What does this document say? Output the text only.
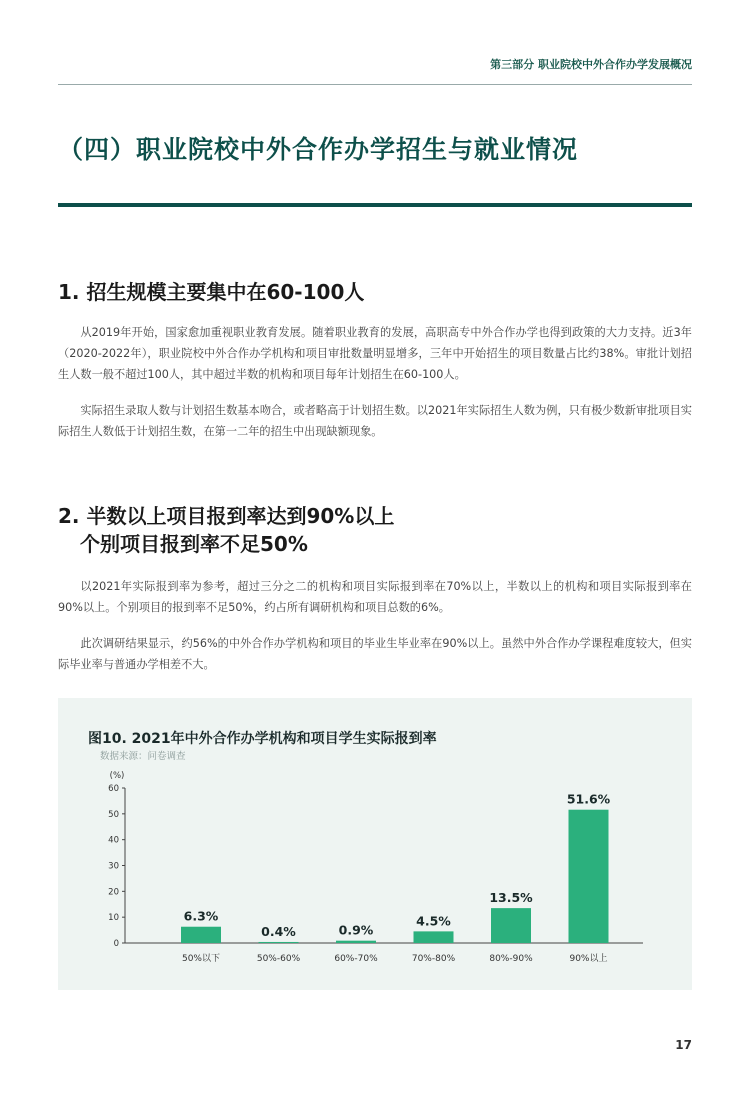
第三部分 职业院校中外合作办学发展概况
（四）职业院校中外合作办学招生与就业情况
1. 招生规模主要集中在60-100人

从2019年开始，国家愈加重视职业教育发展。随着职业教育的发展，高职高专中外合作办学也得到政策的大力支持。近3年（2020-2022年），职业院校中外合作办学机构和项目审批数量明显增多，三年中开始招生的项目数量占比约38%。审批计划招生人数一般不超过100人，其中超过半数的机构和项目每年计划招生在60-100人。

实际招生录取人数与计划招生数基本吻合，或者略高于计划招生数。以2021年实际招生人数为例，只有极少数新审批项目实际招生人数低于计划招生数，在第一二年的招生中出现缺额现象。

2. 半数以上项目报到率达到90%以上
个别项目报到率不足50%

以2021年实际报到率为参考，超过三分之二的机构和项目实际报到率在70%以上，半数以上的机构和项目实际报到率在90%以上。个别项目的报到率不足50%，约占所有调研机构和项目总数的6%。

此次调研结果显示，约56%的中外合作办学机构和项目的毕业生毕业率在90%以上。虽然中外合作办学课程难度较大，但实际毕业率与普通办学相差不大。

图10. 2021年中外合作办学机构和项目学生实际报到率
数据来源：问卷调查
(%)
0
10
20
30
40
50
60
6.3%
50%以下
0.4%
50%-60%
0.9%
60%-70%
4.5%
70%-80%
13.5%
80%-90%
51.6%
90%以上
17
